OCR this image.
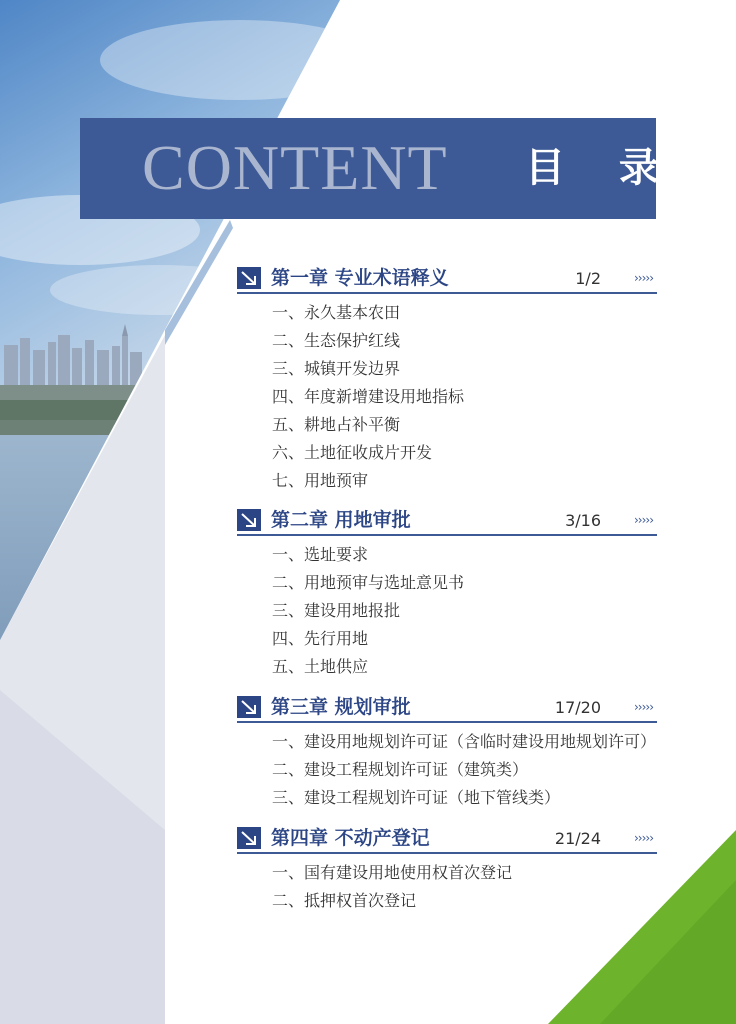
CONTENT 目 录
第一章 专业术语释义	1/2	›››››
一、永久基本农田
二、生态保护红线
三、城镇开发边界
四、年度新增建设用地指标
五、耕地占补平衡
六、土地征收成片开发
七、用地预审
第二章 用地审批	3/16	›››››
一、选址要求
二、用地预审与选址意见书
三、建设用地报批
四、先行用地
五、土地供应
第三章 规划审批	17/20	›››››
一、建设用地规划许可证（含临时建设用地规划许可）
二、建设工程规划许可证（建筑类）
三、建设工程规划许可证（地下管线类）
第四章 不动产登记	21/24	›››››
一、国有建设用地使用权首次登记
二、抵押权首次登记
